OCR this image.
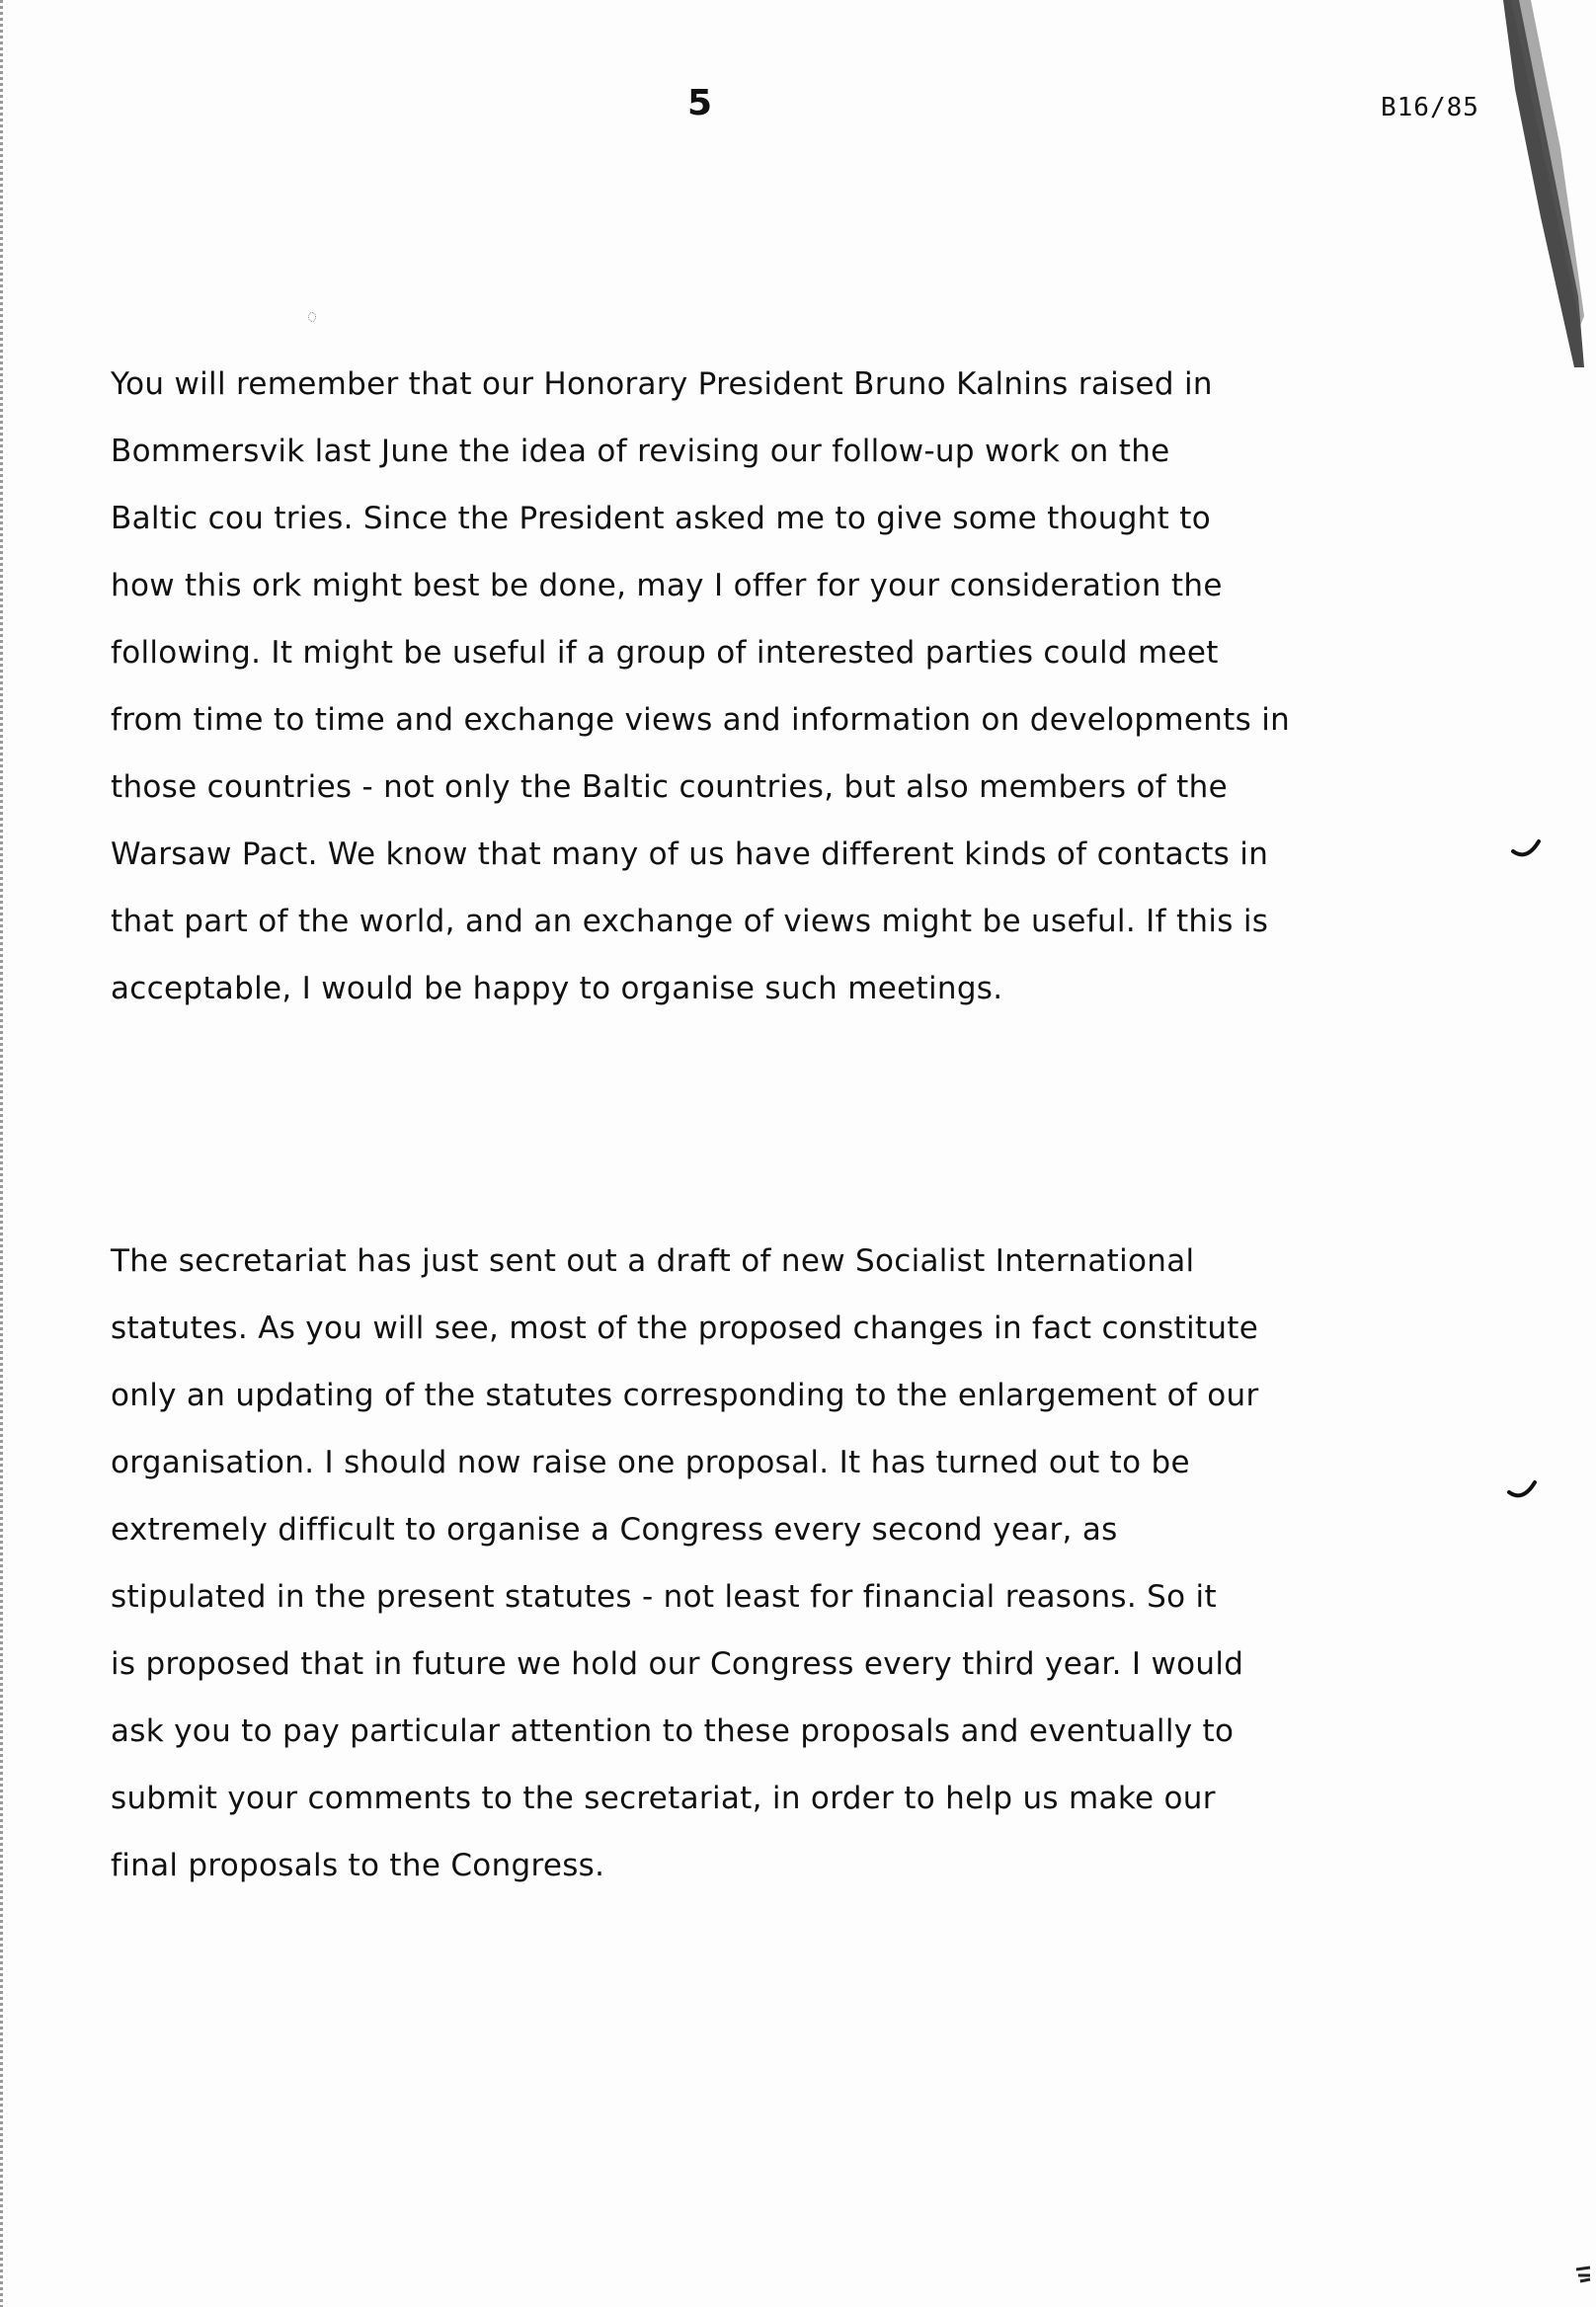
5	B16/85
You will remember that our Honorary President Bruno Kalnins raised in
Bommersvik last June the idea of revising our follow-up work on the
Baltic cou tries. Since the President asked me to give some thought to
how this ork might best be done, may I offer for your consideration the
following. It might be useful if a group of interested parties could meet
from time to time and exchange views and information on developments in
those countries - not only the Baltic countries, but also members of the
Warsaw Pact. We know that many of us have different kinds of contacts in
that part of the world, and an exchange of views might be useful. If this is
acceptable, I would be happy to organise such meetings.
The secretariat has just sent out a draft of new Socialist International
statutes. As you will see, most of the proposed changes in fact constitute
only an updating of the statutes corresponding to the enlargement of our
organisation. I should now raise one proposal. It has turned out to be
extremely difficult to organise a Congress every second year, as
stipulated in the present statutes - not least for financial reasons. So it
is proposed that in future we hold our Congress every third year. I would
ask you to pay particular attention to these proposals and eventually to
submit your comments to the secretariat, in order to help us make our
final proposals to the Congress.
